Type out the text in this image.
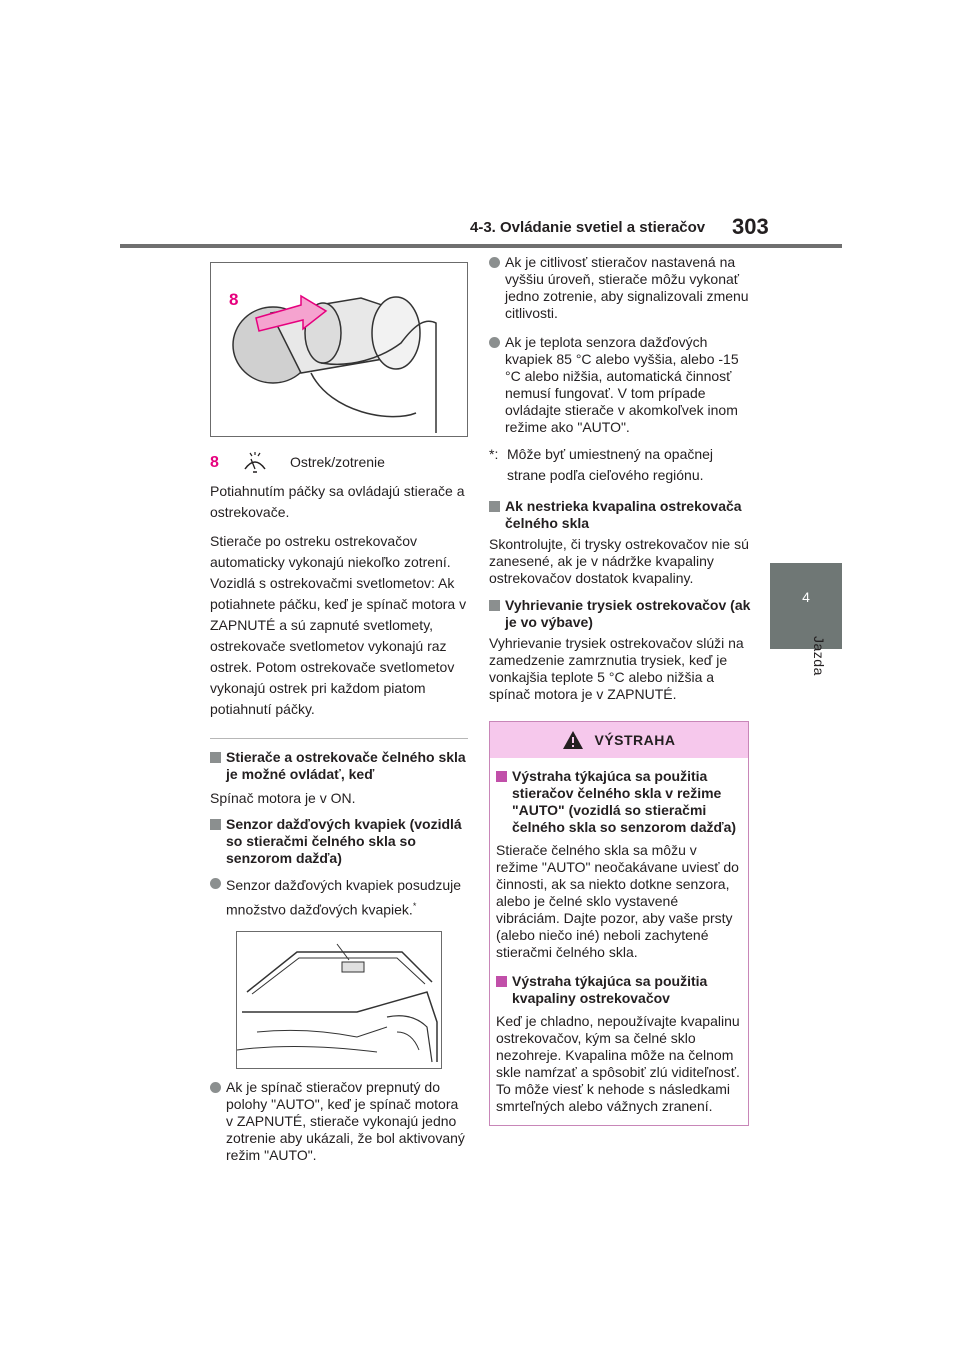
4-3. Ovládanie svetiel a stieračov 303
4
Jazda
8
8	Ostrek/zotrenie

Potiahnutím páčky sa ovládajú stierače a ostrekovače.

Stierače po ostreku ostrekovačov automaticky vykonajú niekoľko zotrení. Vozidlá s ostrekovačmi svetlometov: Ak potiahnete páčku, keď je spínač motora v ZAPNUTÉ a sú zapnuté svetlomety, ostrekovače svetlometov vykonajú raz ostrek. Potom ostrekovače svetlometov vykonajú ostrek pri každom piatom potiahnutí páčky.

Stierače a ostrekovače čelného skla je možné ovládať, keď

Spínač motora je v ON.

Senzor dažďových kvapiek (vozidlá so stieračmi čelného skla so senzorom dažďa)
Senzor dažďových kvapiek posudzuje množstvo dažďových kvapiek.*
Ak je spínač stieračov prepnutý do polohy "AUTO", keď je spínač motora v ZAPNUTÉ, stierače vykonajú jedno zotrenie aby ukázali, že bol aktivovaný režim "AUTO".
Ak je citlivosť stieračov nastavená na vyššiu úroveň, stierače môžu vykonať jedno zotrenie, aby signalizovali zmenu citlivosti.
Ak je teplota senzora dažďových kvapiek 85 °C alebo vyššia, alebo -15 °C alebo nižšia, automatická činnosť nemusí fungovať. V tom prípade ovládajte stierače v akomkoľvek inom režime ako "AUTO".
*: Môže byť umiestnený na opačnej strane podľa cieľového regiónu.
Ak nestrieka kvapalina ostrekovača čelného skla

Skontrolujte, či trysky ostrekovačov nie sú zanesené, ak je v nádržke kvapaliny ostrekovačov dostatok kvapaliny.

Vyhrievanie trysiek ostrekovačov (ak je vo výbave)

Vyhrievanie trysiek ostrekovačov slúži na zamedzenie zamrznutia trysiek, keď je vonkajšia teplote 5 °C alebo nižšia a spínač motora je v ZAPNUTÉ.

VÝSTRAHA
Výstraha týkajúca sa použitia stieračov čelného skla v režime "AUTO" (vozidlá so stieračmi čelného skla so senzorom dažďa)

Stierače čelného skla sa môžu v režime "AUTO" neočakávane uviesť do činnosti, ak sa niekto dotkne senzora, alebo je čelné sklo vystavené vibráciám. Dajte pozor, aby vaše prsty (alebo niečo iné) neboli zachytené stieračmi čelného skla.

Výstraha týkajúca sa použitia kvapaliny ostrekovačov

Keď je chladno, nepoužívajte kvapalinu ostrekovačov, kým sa čelné sklo nezohreje. Kvapalina môže na čelnom skle namŕzať a spôsobiť zlú viditeľnosť. To môže viesť k nehode s následkami smrteľných alebo vážnych zranení.
